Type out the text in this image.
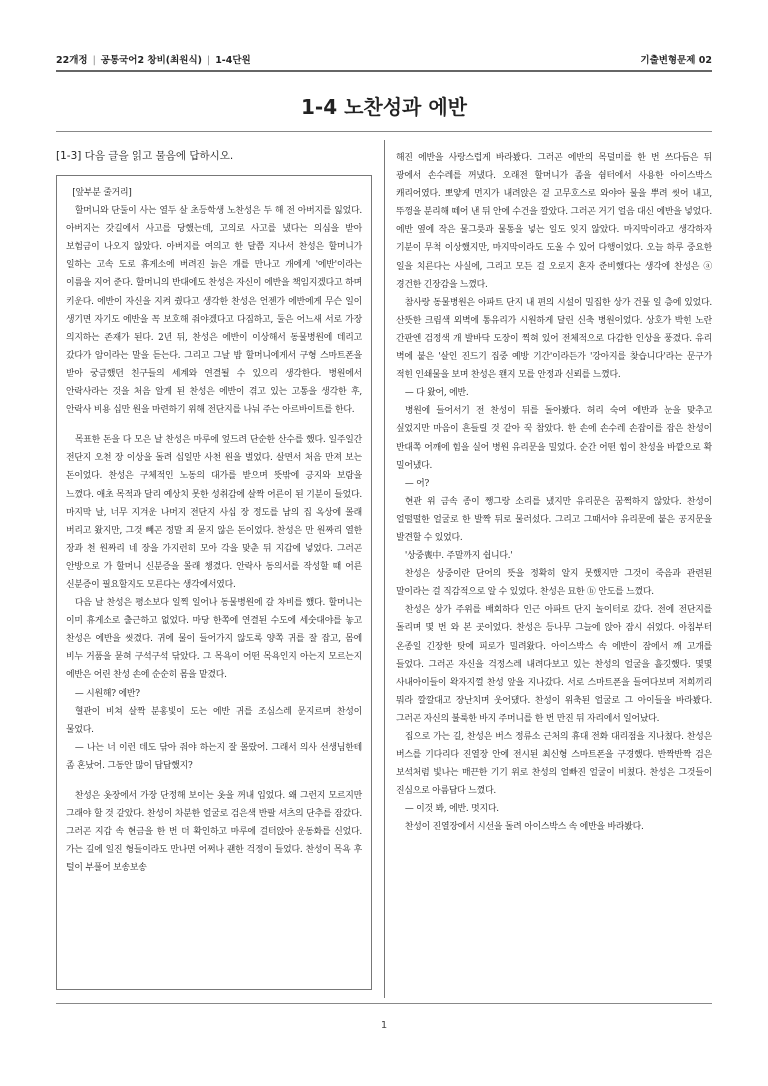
22개정 | 공통국어2 창비(최원식) | 1-4단원	기출변형문제 02
1-4 노찬성과 에반
[1-3] 다음 글을 읽고 물음에 답하시오.

[앞부분 줄거리]

할머니와 단둘이 사는 열두 살 초등학생 노찬성은 두 해 전 아버지를 잃었다. 아버지는 갓길에서 사고를 당했는데, 고의로 사고를 냈다는 의심을 받아 보험금이 나오지 않았다. 아버지를 여의고 한 달쯤 지나서 찬성은 할머니가 일하는 고속 도로 휴게소에 버려진 늙은 개를 만나고 개에게 '에반'이라는 이름을 지어 준다. 할머니의 반대에도 찬성은 자신이 에반을 책임지겠다고 하며 키운다. 에반이 자신을 지켜 줬다고 생각한 찬성은 언젠가 에반에게 무슨 일이 생기면 자기도 에반을 꼭 보호해 줘야겠다고 다짐하고, 둘은 어느새 서로 가장 의지하는 존재가 된다. 2년 뒤, 찬성은 에반이 이상해서 동물병원에 데리고 갔다가 암이라는 말을 듣는다. 그리고 그날 밤 할머니에게서 구형 스마트폰을 받아 궁금했던 친구들의 세계와 연결될 수 있으리 생각한다. 병원에서 안락사라는 것을 처음 알게 된 찬성은 에반이 겪고 있는 고통을 생각한 후, 안락사 비용 십만 원을 마련하기 위해 전단지를 나눠 주는 아르바이트를 한다.

목표한 돈을 다 모은 날 찬성은 마루에 엎드려 단순한 산수를 했다. 일주일간 전단지 오천 장 이상을 돌려 십일만 사천 원을 벌었다. 살면서 처음 만져 보는 돈이었다. 찬성은 구체적인 노동의 대가를 받으며 뜻밖에 긍지와 보람을 느꼈다. 애초 목적과 달리 예상치 못한 성취감에 살짝 어른이 된 기분이 들었다. 마지막 날, 너무 지겨운 나머지 전단지 사십 장 정도를 남의 집 옥상에 몰래 버리고 왔지만, 그것 빼곤 정말 죄 묻지 않은 돈이었다. 찬성은 만 원짜리 열한 장과 천 원짜리 네 장을 가지런히 모아 각을 맞춘 뒤 지갑에 넣었다. 그러곤 안방으로 가 할머니 신분증을 몰래 챙겼다. 안락사 동의서를 작성할 때 어른 신분증이 필요할지도 모른다는 생각에서였다.

다음 날 찬성은 평소보다 일찍 일어나 동물병원에 갈 차비를 했다. 할머니는 이미 휴게소로 출근하고 없었다. 마당 한쪽에 연결된 수도에 세숫대야를 놓고 찬성은 에반을 씻겼다. 귀에 물이 들어가지 않도록 양쪽 귀를 잘 잡고, 몸에 비누 거품을 묻혀 구석구석 닦았다. 그 목욕이 어떤 목욕인지 아는지 모르는지 에반은 어린 찬성 손에 순순히 몸을 맡겼다.

— 시원해? 에반?

혈관이 비쳐 살짝 분홍빛이 도는 에반 귀를 조심스레 문지르며 찬성이 물었다.

— 나는 너 이런 데도 닦아 줘야 하는지 잘 몰랐어. 그래서 의사 선생님한테 좀 혼났어. 그동안 많이 답답했지?

찬성은 옷장에서 가장 단정해 보이는 옷을 꺼내 입었다. 왜 그런지 모르지만 그래야 할 것 같았다. 찬성이 차분한 얼굴로 검은색 반팔 셔츠의 단추를 잠갔다. 그러곤 지갑 속 현금을 한 번 더 확인하고 마루에 걸터앉아 운동화를 신었다. 가는 길에 일진 형들이라도 만나면 어쩌나 괜한 걱정이 들었다. 찬성이 목욕 후 털이 부풀어 보송보송

해진 에반을 사랑스럽게 바라봤다. 그러곤 에반의 목덜미를 한 번 쓰다듬은 뒤 광에서 손수레를 꺼냈다. 오래전 할머니가 좀을 쉼터에서 사용한 아이스박스 캐리어였다. 뽀얗게 먼지가 내려앉은 겉 고무호스로 와야아 물을 뿌려 씻어 내고, 뚜껑을 분리해 떼어 낸 뒤 안에 수건을 깔았다. 그러곤 거기 얼음 대신 에반을 넣었다. 에반 옆에 작은 물그릇과 물통을 넣는 일도 잊지 않았다. 마지막이라고 생각하자 기분이 무척 이상했지만, 마지막이라도 도울 수 있어 다행이었다. 오늘 하루 중요한 일을 치른다는 사실에, 그리고 모든 걸 오로지 혼자 준비했다는 생각에 찬성은 ⓐ 경건한 긴장감을 느꼈다.

참사랑 동물병원은 아파트 단지 내 편의 시설이 밀집한 상가 건물 일 층에 있었다. 산뜻한 크림색 외벽에 통유리가 시원하게 달린 신축 병원이었다. 상호가 박힌 노란 간판엔 검정색 개 발바닥 도장이 찍혀 있어 전체적으로 다감한 인상을 풍겼다. 유리 벽에 붙은 '살인 진드기 집중 예방 기간'이라든가 '강아지를 찾습니다'라는 문구가 적힌 인쇄물을 보며 찬성은 왠지 모를 안정과 신뢰를 느꼈다.

— 다 왔어, 에반.

병원에 들어서기 전 찬성이 뒤를 돌아봤다. 허리 숙여 에반과 눈을 맞추고 싶었지만 마음이 흔들릴 것 같아 꾹 참았다. 한 손에 손수레 손잡이를 잡은 찬성이 반대쪽 어깨에 힘을 실어 병원 유리문을 밀었다. 순간 어떤 힘이 찬성을 바깥으로 확 밀어냈다.

— 어?

현관 위 금속 종이 쨍그랑 소리를 냈지만 유리문은 꿈쩍하지 않았다. 찬성이 얼떨떨한 얼굴로 한 발짝 뒤로 물러섰다. 그리고 그때서야 유리문에 붙은 공지문을 발견할 수 있었다.

'상중喪中. 주말까지 쉽니다.'

찬성은 상중이란 단어의 뜻을 정확히 알지 못했지만 그것이 죽음과 관련된 말이라는 걸 직감적으로 알 수 있었다. 찬성은 묘한 ⓑ 안도를 느꼈다.

찬성은 상가 주위를 배회하다 인근 아파트 단지 놀이터로 갔다. 전에 전단지를 돌리며 몇 번 와 본 곳이었다. 찬성은 등나무 그늘에 앉아 잠시 쉬었다. 아침부터 온종일 긴장한 탓에 피로가 밀려왔다. 아이스박스 속 에반이 잠에서 깨 고개를 들었다. 그러곤 자신을 걱정스레 내려다보고 있는 찬성의 얼굴을 흘깃했다. 몇몇 사내아이들이 왁자지껄 찬성 앞을 지나갔다. 서로 스마트폰을 들여다보며 저희끼리 뭐라 깔깔대고 장난치며 웃어댔다. 찬성이 위축된 얼굴로 그 아이들을 바라봤다. 그러곤 자신의 불룩한 바지 주머니를 한 번 만진 뒤 자리에서 일어났다.

집으로 가는 길, 찬성은 버스 정류소 근처의 휴대 전화 대리점을 지나쳤다. 찬성은 버스를 기다리다 진열장 안에 전시된 최신형 스마트폰을 구경했다. 반짝반짝 검은 보석처럼 빛나는 매끈한 기기 위로 찬성의 얼빠진 얼굴이 비쳤다. 찬성은 그것들이 진심으로 아름답다 느꼈다.

— 이것 봐, 에반. 멋지다.

찬성이 진열장에서 시선을 돌려 아이스박스 속 에반을 바라봤다.

1
